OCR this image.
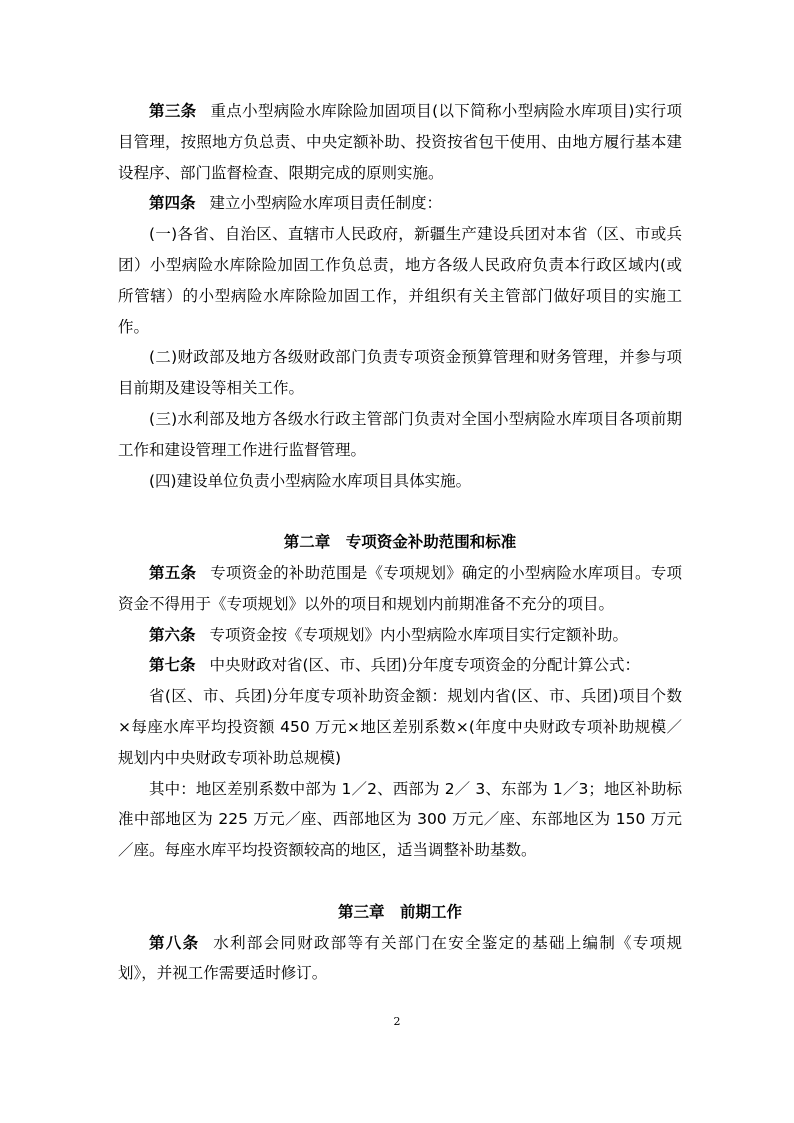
第三条 重点小型病险水库除险加固项目(以下简称小型病险水库项目)实行项目管理，按照地方负总责、中央定额补助、投资按省包干使用、由地方履行基本建设程序、部门监督检查、限期完成的原则实施。

第四条 建立小型病险水库项目责任制度：

(一)各省、自治区、直辖市人民政府，新疆生产建设兵团对本省（区、市或兵团）小型病险水库除险加固工作负总责，地方各级人民政府负责本行政区域内(或所管辖）的小型病险水库除险加固工作，并组织有关主管部门做好项目的实施工作。

(二)财政部及地方各级财政部门负责专项资金预算管理和财务管理，并参与项目前期及建设等相关工作。

(三)水利部及地方各级水行政主管部门负责对全国小型病险水库项目各项前期工作和建设管理工作进行监督管理。

(四)建设单位负责小型病险水库项目具体实施。

第二章　专项资金补助范围和标准

第五条 专项资金的补助范围是《专项规划》确定的小型病险水库项目。专项资金不得用于《专项规划》以外的项目和规划内前期准备不充分的项目。

第六条 专项资金按《专项规划》内小型病险水库项目实行定额补助。

第七条 中央财政对省(区、市、兵团)分年度专项资金的分配计算公式：

省(区、市、兵团)分年度专项补助资金额：规划内省(区、市、兵团)项目个数×每座水库平均投资额 450 万元×地区差别系数×(年度中央财政专项补助规模／规划内中央财政专项补助总规模)

其中：地区差别系数中部为 1／2、西部为 2／ 3、东部为 1／3；地区补助标准中部地区为 225 万元／座、西部地区为 300 万元／座、东部地区为 150 万元／座。每座水库平均投资额较高的地区，适当调整补助基数。

第三章　前期工作

第八条 水利部会同财政部等有关部门在安全鉴定的基础上编制《专项规划》，并视工作需要适时修订。

2
